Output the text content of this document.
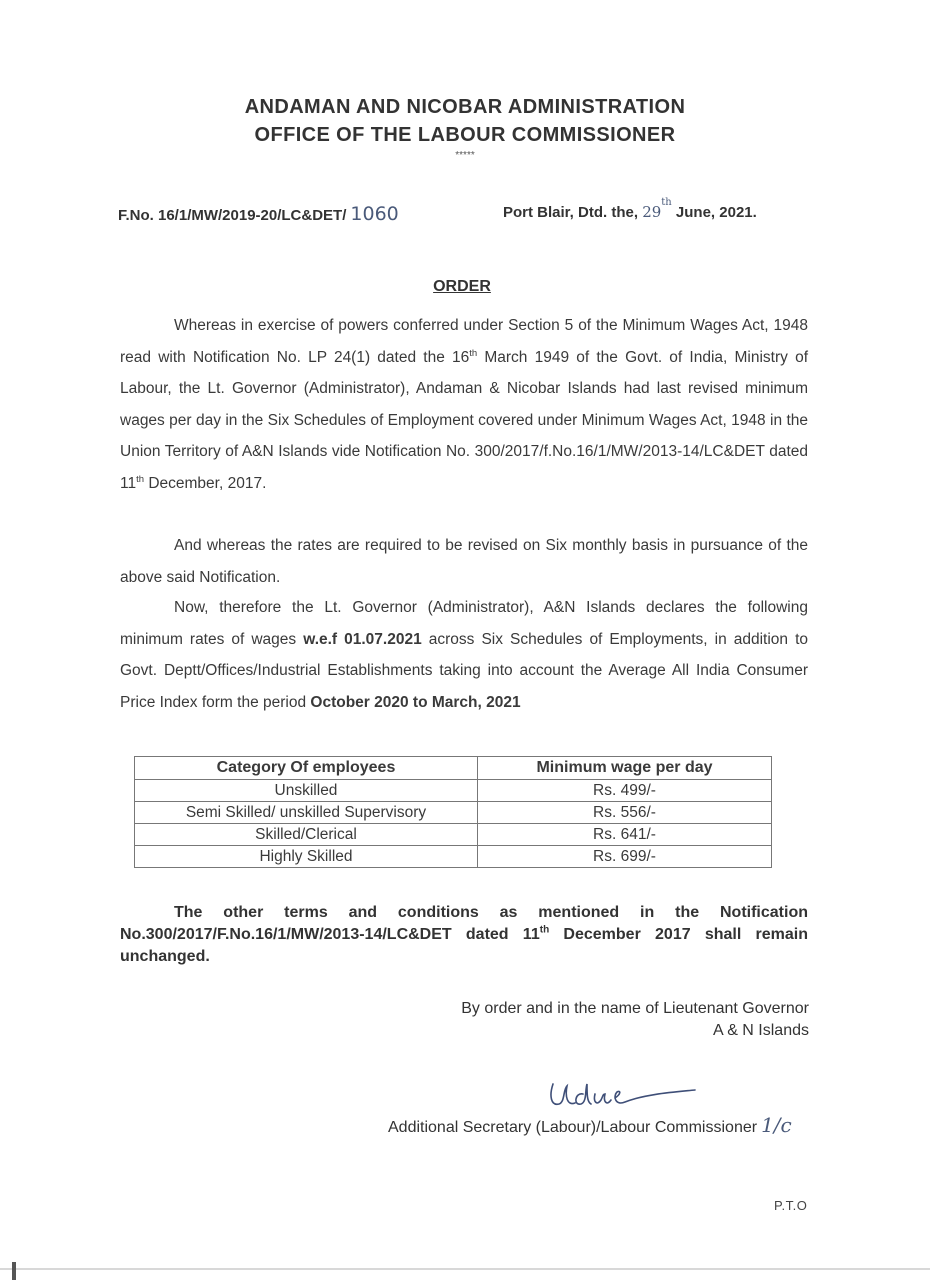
ANDAMAN AND NICOBAR ADMINISTRATION
OFFICE OF THE LABOUR COMMISSIONER
*****
F.No. 16/1/MW/2019-20/LC&DET/ 1060	Port Blair, Dtd. the, 29th June, 2021.
ORDER
Whereas in exercise of powers conferred under Section 5 of the Minimum Wages Act, 1948 read with Notification No. LP 24(1) dated the 16th March 1949 of the Govt. of India, Ministry of Labour, the Lt. Governor (Administrator), Andaman & Nicobar Islands had last revised minimum wages per day in the Six Schedules of Employment covered under Minimum Wages Act, 1948 in the Union Territory of A&N Islands vide Notification No. 300/2017/f.No.16/1/MW/2013-14/LC&DET dated 11th December, 2017.
And whereas the rates are required to be revised on Six monthly basis in pursuance of the above said Notification.
Now, therefore the Lt. Governor (Administrator), A&N Islands declares the following minimum rates of wages w.e.f 01.07.2021 across Six Schedules of Employments, in addition to Govt. Deptt/Offices/Industrial Establishments taking into account the Average All India Consumer Price Index form the period October 2020 to March, 2021
Category Of employees	Minimum wage per day
Unskilled	Rs. 499/-
Semi Skilled/ unskilled Supervisory	Rs. 556/-
Skilled/Clerical	Rs. 641/-
Highly Skilled	Rs. 699/-
The other terms and conditions as mentioned in the Notification No.300/2017/F.No.16/1/MW/2013-14/LC&DET dated 11th December 2017 shall remain unchanged.
By order and in the name of Lieutenant Governor
A & N Islands
Additional Secretary (Labour)/Labour Commissioner 1/c
P.T.O
